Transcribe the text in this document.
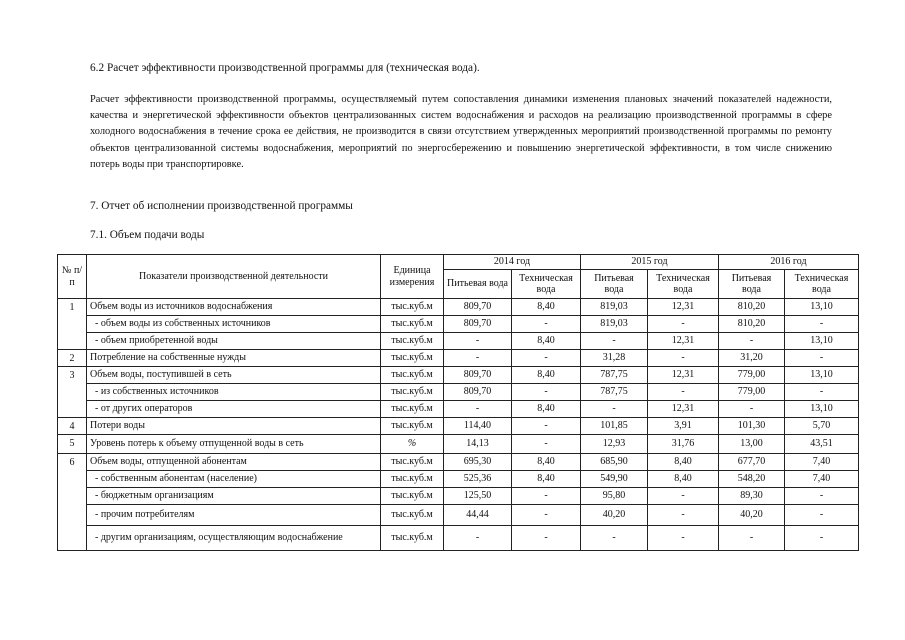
6.2 Расчет эффективности производственной программы для (техническая вода).
Расчет эффективности производственной программы, осуществляемый путем сопоставления динамики изменения плановых значений показателей надежности, качества и энергетической эффективности объектов централизованных систем водоснабжения и расходов на реализацию производственной программы в сфере холодного водоснабжения в течение срока ее действия, не производится в связи отсутствием утвержденных мероприятий производственной программы по ремонту объектов централизованной системы водоснабжения, мероприятий по энергосбережению и повышению энергетической эффективности, в том числе снижению потерь воды при транспортировке.
7. Отчет об исполнении производственной программы
7.1. Объем подачи воды
№ п/п	Показатели производственной деятельности	Единица измерения	2014 год		2015 год		2016 год	
			Питьевая вода	Техническая вода	Питьевая вода	Техническая вода	Питьевая вода	Техническая вода
1	Объем воды из источников водоснабжения	тыс.куб.м	809,70	8,40	819,03	12,31	810,20	13,10
	- объем воды из собственных источников	тыс.куб.м	809,70	-	819,03	-	810,20	-
	- объем приобретенной воды	тыс.куб.м	-	8,40	-	12,31	-	13,10
2	Потребление на собственные нужды	тыс.куб.м	-	-	31,28	-	31,20	-
3	Объем воды, поступившей в сеть	тыс.куб.м	809,70	8,40	787,75	12,31	779,00	13,10
	- из собственных источников	тыс.куб.м	809,70	-	787,75	-	779,00	-
	- от других операторов	тыс.куб.м	-	8,40	-	12,31	-	13,10
4	Потери воды	тыс.куб.м	114,40	-	101,85	3,91	101,30	5,70
5	Уровень потерь к объему отпущенной воды в сеть	%	14,13	-	12,93	31,76	13,00	43,51
6	Объем воды, отпущенной абонентам	тыс.куб.м	695,30	8,40	685,90	8,40	677,70	7,40
	- собственным абонентам (население)	тыс.куб.м	525,36	8,40	549,90	8,40	548,20	7,40
	- бюджетным организациям	тыс.куб.м	125,50	-	95,80	-	89,30	-
	- прочим потребителям	тыс.куб.м	44,44	-	40,20	-	40,20	-
	- другим организациям, осуществляющим водоснабжение	тыс.куб.м	-	-	-	-	-	-
